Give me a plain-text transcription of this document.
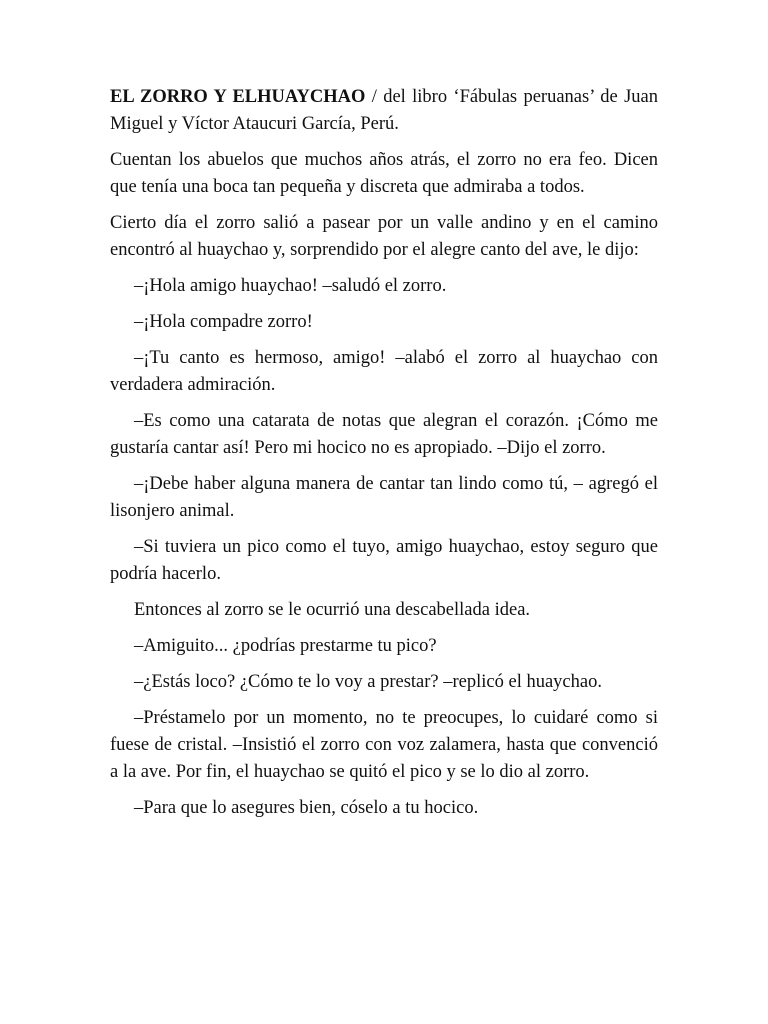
EL ZORRO Y ELHUAYCHAO / del libro ‘Fábulas peruanas’ de Juan Miguel y Víctor Ataucuri García, Perú.

Cuentan los abuelos que muchos años atrás, el zorro no era feo. Dicen que tenía una boca tan pequeña y discreta que admiraba a todos.

Cierto día el zorro salió a pasear por un valle andino y en el camino encontró al huaychao y, sorprendido por el alegre canto del ave, le dijo:

–¡Hola amigo huaychao! –saludó el zorro.

–¡Hola compadre zorro!

–¡Tu canto es hermoso, amigo! –alabó el zorro al huaychao con verdadera admiración.

–Es como una catarata de notas que alegran el corazón. ¡Cómo me gustaría cantar así! Pero mi hocico no es apropiado. –Dijo el zorro.

–¡Debe haber alguna manera de cantar tan lindo como tú, – agregó el lisonjero animal.

–Si tuviera un pico como el tuyo, amigo huaychao, estoy seguro que podría hacerlo.

Entonces al zorro se le ocurrió una descabellada idea.

–Amiguito... ¿podrías prestarme tu pico?

–¿Estás loco? ¿Cómo te lo voy a prestar? –replicó el huaychao.

–Préstamelo por un momento, no te preocupes, lo cuidaré como si fuese de cristal. –Insistió el zorro con voz zalamera, hasta que convenció a la ave. Por fin, el huaychao se quitó el pico y se lo dio al zorro.

–Para que lo asegures bien, cóselo a tu hocico.
